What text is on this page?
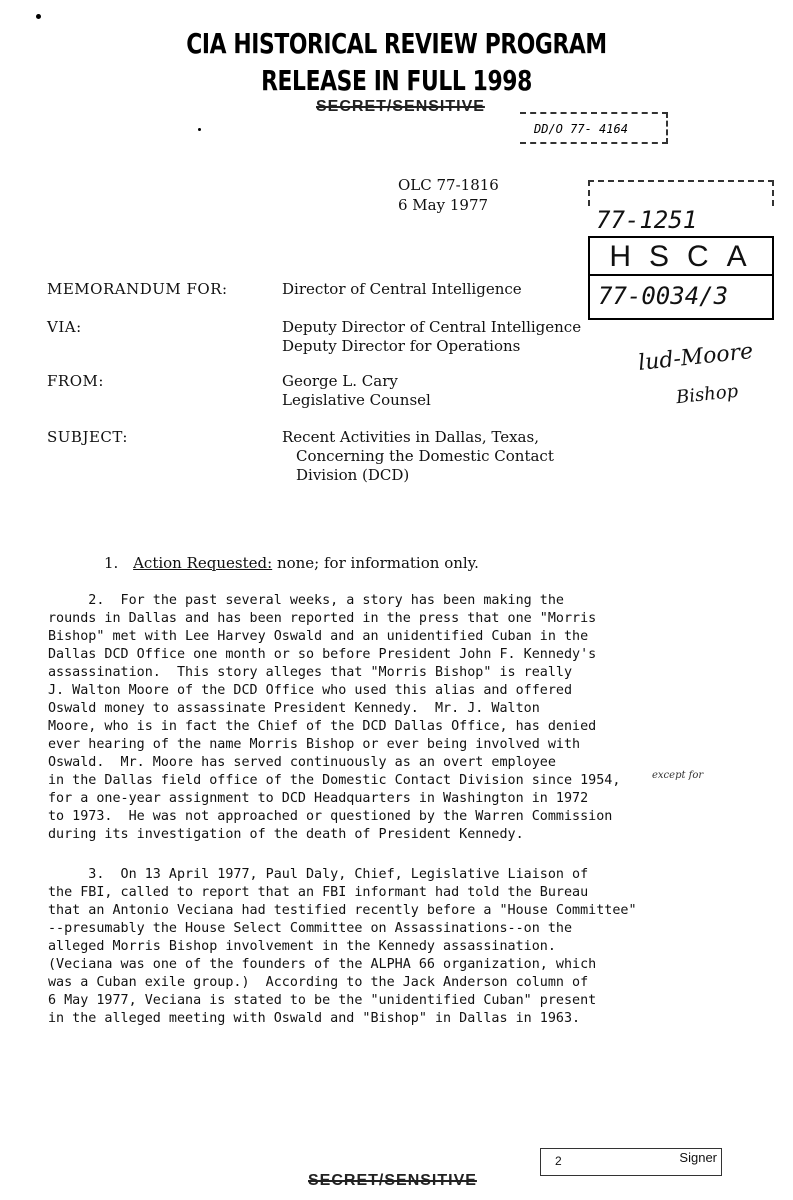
CIA HISTORICAL REVIEW PROGRAM
RELEASE IN FULL 1998
SECRET/SENSITIVE
DD/O 77- 4164
OLC 77-1816
6 May 1977
77-1251
HSCA
77-0034/3
lud-Moore
Bishop
MEMORANDUM FOR:	Director of Central Intelligence
VIA:	Deputy Director of Central Intelligence
Deputy Director for Operations
FROM:	George L. Cary
Legislative Counsel
SUBJECT:	Recent Activities in Dallas, Texas,
Concerning the Domestic Contact
Division (DCD)
1. Action Requested: none; for information only.
2.  For the past several weeks, a story has been making the
rounds in Dallas and has been reported in the press that one "Morris
Bishop" met with Lee Harvey Oswald and an unidentified Cuban in the
Dallas DCD Office one month or so before President John F. Kennedy's
assassination.  This story alleges that "Morris Bishop" is really
J. Walton Moore of the DCD Office who used this alias and offered
Oswald money to assassinate President Kennedy.  Mr. J. Walton
Moore, who is in fact the Chief of the DCD Dallas Office, has denied
ever hearing of the name Morris Bishop or ever being involved with
Oswald.  Mr. Moore has served continuously as an overt employee
in the Dallas field office of the Domestic Contact Division since 1954,
for a one-year assignment to DCD Headquarters in Washington in 1972
to 1973.  He was not approached or questioned by the Warren Commission
during its investigation of the death of President Kennedy.
except for
3.  On 13 April 1977, Paul Daly, Chief, Legislative Liaison of
the FBI, called to report that an FBI informant had told the Bureau
that an Antonio Veciana had testified recently before a "House Committee"
--presumably the House Select Committee on Assassinations--on the
alleged Morris Bishop involvement in the Kennedy assassination.
(Veciana was one of the founders of the ALPHA 66 organization, which
was a Cuban exile group.)  According to the Jack Anderson column of
6 May 1977, Veciana is stated to be the "unidentified Cuban" present
in the alleged meeting with Oswald and "Bishop" in Dallas in 1963.
SECRET/SENSITIVE
2	Signer
